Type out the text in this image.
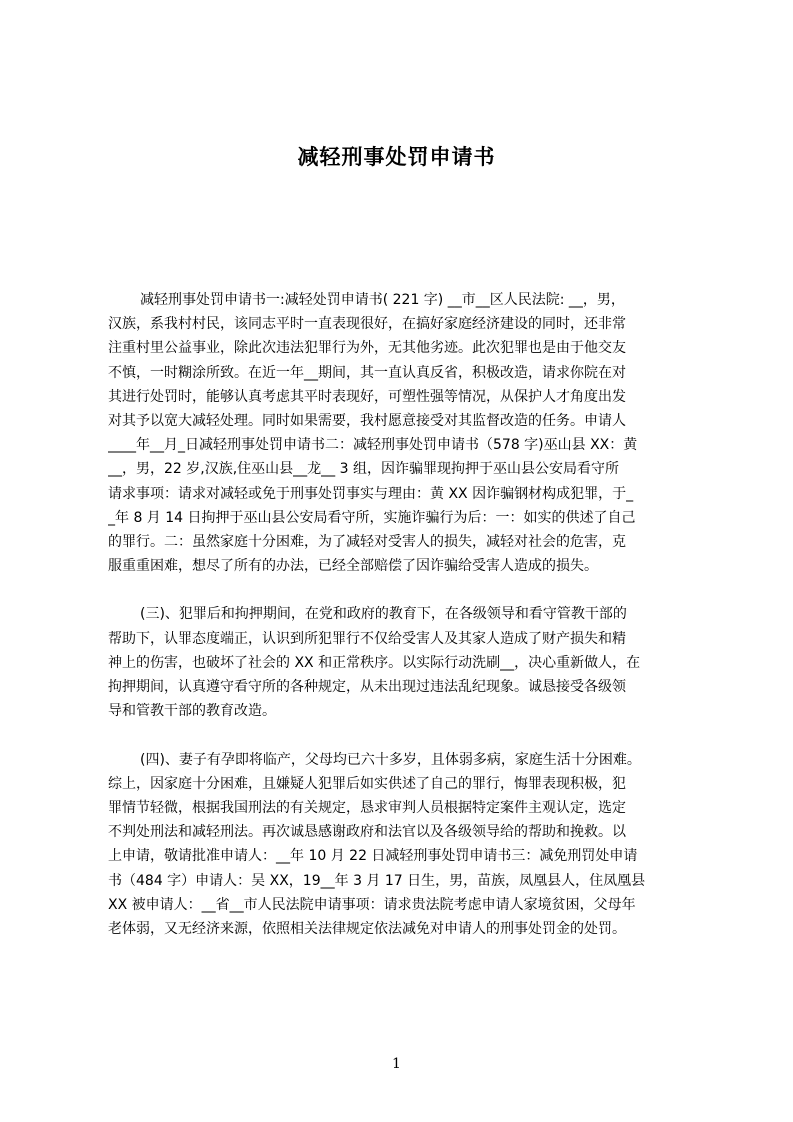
减轻刑事处罚申请书
减轻刑事处罚申请书一:减轻处罚申请书( 221 字) __市__区人民法院: __，男，
汉族，系我村村民，该同志平时一直表现很好，在搞好家庭经济建设的同时，还非常
注重村里公益事业，除此次违法犯罪行为外，无其他劣迹。此次犯罪也是由于他交友
不慎，一时糊涂所致。在近一年__期间，其一直认真反省，积极改造，请求你院在对
其进行处罚时，能够认真考虑其平时表现好，可塑性强等情况，从保护人才角度出发
对其予以宽大减轻处理。同时如果需要，我村愿意接受对其监督改造的任务。申请人
____年__月_日减轻刑事处罚申请书二：减轻刑事处罚申请书（578 字)巫山县 XX：黄
__，男，22 岁,汉族,住巫山县__龙__ 3 组，因诈骗罪现拘押于巫山县公安局看守所
请求事项：请求对减轻或免于刑事处罚事实与理由：黄 XX 因诈骗钢材构成犯罪，于_
_年 8 月 14 日拘押于巫山县公安局看守所，实施诈骗行为后：一：如实的供述了自己
的罪行。二：虽然家庭十分困难，为了减轻对受害人的损失，减轻对社会的危害，克
服重重困难，想尽了所有的办法，已经全部赔偿了因诈骗给受害人造成的损失。
(三)、犯罪后和拘押期间，在党和政府的教育下，在各级领导和看守管教干部的
帮助下，认罪态度端正，认识到所犯罪行不仅给受害人及其家人造成了财产损失和精
神上的伤害，也破坏了社会的 XX 和正常秩序。以实际行动洗刷__，决心重新做人，在
拘押期间，认真遵守看守所的各种规定，从未出现过违法乱纪现象。诚恳接受各级领
导和管教干部的教育改造。
(四)、妻子有孕即将临产，父母均已六十多岁，且体弱多病，家庭生活十分困难。
综上，因家庭十分困难，且嫌疑人犯罪后如实供述了自己的罪行，悔罪表现积极，犯
罪情节轻微，根据我国刑法的有关规定，恳求审判人员根据特定案件主观认定，选定
不判处刑法和减轻刑法。再次诚恳感谢政府和法官以及各级领导给的帮助和挽救。以
上申请，敬请批准申请人：__年 10 月 22 日减轻刑事处罚申请书三：减免刑罚处申请
书（484 字）申请人：吴 XX，19__年 3 月 17 日生，男，苗族，凤凰县人，住凤凰县
XX 被申请人：__省__市人民法院申请事项：请求贵法院考虑申请人家境贫困，父母年
老体弱，又无经济来源，依照相关法律规定依法减免对申请人的刑事处罚金的处罚。
1
